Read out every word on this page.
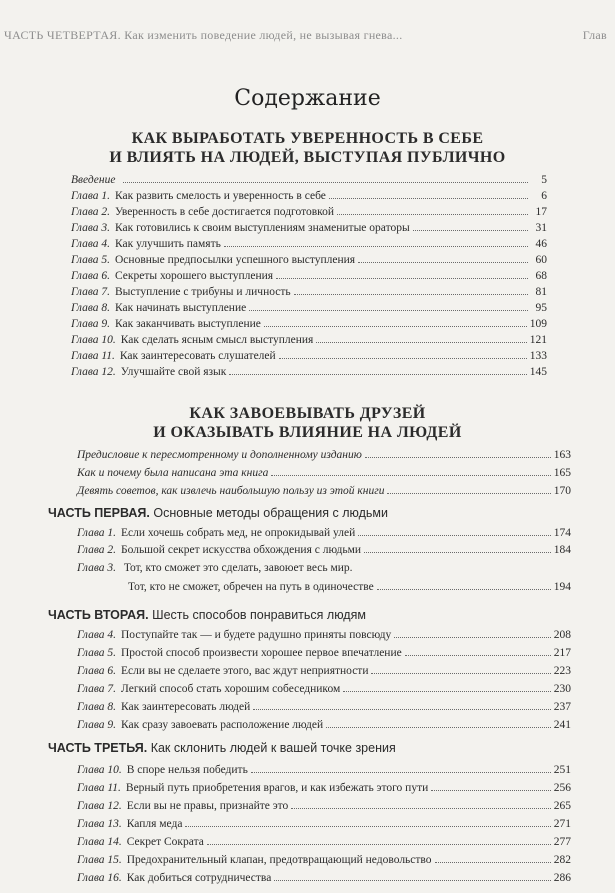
ЧАСТЬ ЧЕТВЕРТАЯ. Как изменить поведение людей, не вызывая гнева...	Глав
Содержание
КАК ВЫРАБОТАТЬ УВЕРЕННОСТЬ В СЕБЕ
И ВЛИЯТЬ НА ЛЮДЕЙ, ВЫСТУПАЯ ПУБЛИЧНО
Введение	5
Глава 1. Как развить смелость и уверенность в себе	6
Глава 2. Уверенность в себе достигается подготовкой	17
Глава 3. Как готовились к своим выступлениям знаменитые ораторы	31
Глава 4. Как улучшить память	46
Глава 5. Основные предпосылки успешного выступления	60
Глава 6. Секреты хорошего выступления	68
Глава 7. Выступление с трибуны и личность	81
Глава 8. Как начинать выступление	95
Глава 9. Как заканчивать выступление	109
Глава 10. Как сделать ясным смысл выступления	121
Глава 11. Как заинтересовать слушателей	133
Глава 12. Улучшайте свой язык	145
КАК ЗАВОЕВЫВАТЬ ДРУЗЕЙ
И ОКАЗЫВАТЬ ВЛИЯНИЕ НА ЛЮДЕЙ
Предисловие к пересмотренному и дополненному изданию	163
Как и почему была написана эта книга	165
Девять советов, как извлечь наибольшую пользу из этой книги	170
ЧАСТЬ ПЕРВАЯ. Основные методы обращения с людьми
Глава 1. Если хочешь собрать мед, не опрокидывай улей	174
Глава 2. Большой секрет искусства обхождения с людьми	184
Глава 3. Тот, кто сможет это сделать, завоюет весь мир.
Тот, кто не сможет, обречен на путь в одиночестве	194
ЧАСТЬ ВТОРАЯ. Шесть способов понравиться людям
Глава 4. Поступайте так — и будете радушно приняты повсюду	208
Глава 5. Простой способ произвести хорошее первое впечатление	217
Глава 6. Если вы не сделаете этого, вас ждут неприятности	223
Глава 7. Легкий способ стать хорошим собеседником	230
Глава 8. Как заинтересовать людей	237
Глава 9. Как сразу завоевать расположение людей	241
ЧАСТЬ ТРЕТЬЯ. Как склонить людей к вашей точке зрения
Глава 10. В споре нельзя победить	251
Глава 11. Верный путь приобретения врагов, и как избежать этого пути	256
Глава 12. Если вы не правы, признайте это	265
Глава 13. Капля меда	271
Глава 14. Секрет Сократа	277
Глава 15. Предохранительный клапан, предотвращающий недовольство	282
Глава 16. Как добиться сотрудничества	286
